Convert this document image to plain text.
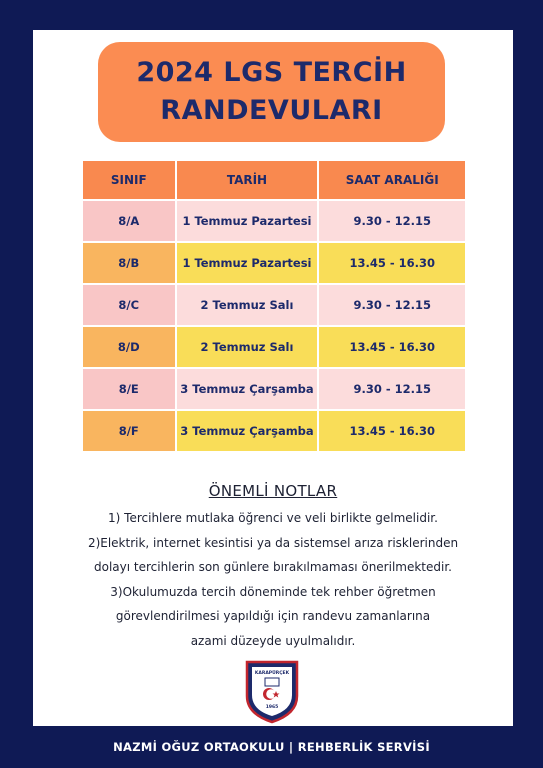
2024 LGS TERCİH
RANDEVULARI
SINIF	TARİH	SAAT ARALIĞI
8/A	1 Temmuz Pazartesi	9.30 - 12.15
8/B	1 Temmuz Pazartesi	13.45 - 16.30
8/C	2 Temmuz Salı	9.30 - 12.15
8/D	2 Temmuz Salı	13.45 - 16.30
8/E	3 Temmuz Çarşamba	9.30 - 12.15
8/F	3 Temmuz Çarşamba	13.45 - 16.30
ÖNEMLİ NOTLAR
1) Tercihlere mutlaka öğrenci ve veli birlikte gelmelidir.
2)Elektrik, internet kesintisi ya da sistemsel arıza risklerinden
dolayı tercihlerin son günlere bırakılmaması önerilmektedir.
3)Okulumuzda tercih döneminde tek rehber öğretmen
görevlendirilmesi yapıldığı için randevu zamanlarına
azami düzeyde uyulmalıdır.
KARAPÜRÇEK
1965
NAZMİ OĞUZ ORTAOKULU | REHBERLİK SERVİSİ
